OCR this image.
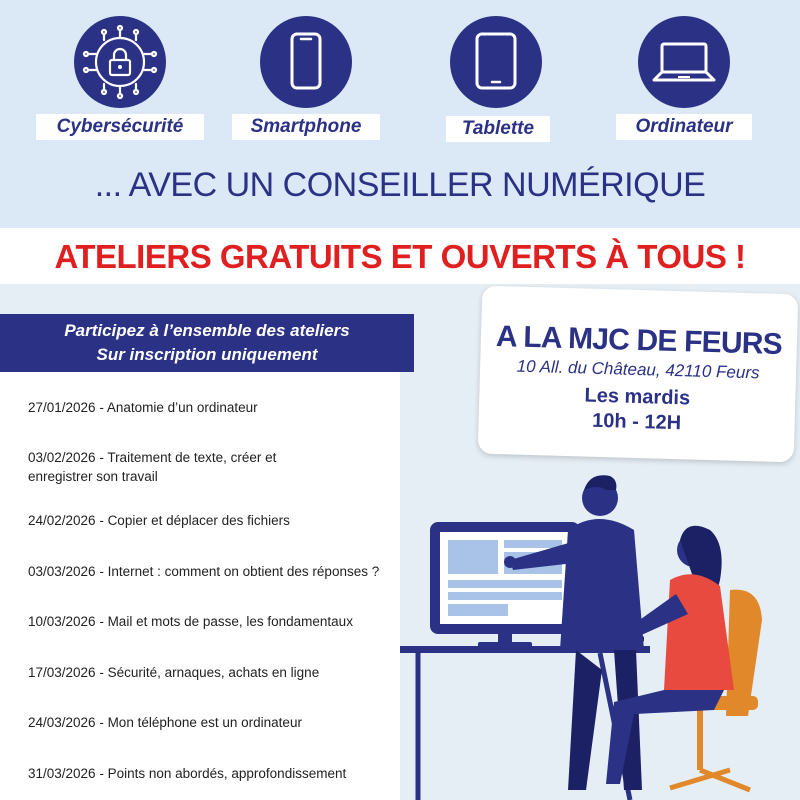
Cybersécurité	Smartphone	Tablette	Ordinateur
... AVEC UN CONSEILLER NUMÉRIQUE
ATELIERS GRATUITS ET OUVERTS À TOUS !
Participez à l’ensemble des ateliers
Sur inscription uniquement
27/01/2026 - Anatomie d’un ordinateur
03/02/2026 - Traitement de texte, créer et enregistrer son travail
24/02/2026 - Copier et déplacer des fichiers
03/03/2026 - Internet : comment on obtient des réponses ?
10/03/2026 - Mail et mots de passe, les fondamentaux
17/03/2026 - Sécurité, arnaques, achats en ligne
24/03/2026 - Mon téléphone est un ordinateur
31/03/2026 - Points non abordés, approfondissement
A LA MJC DE FEURS
10 All. du Château, 42110 Feurs
Les mardis
10h - 12H
